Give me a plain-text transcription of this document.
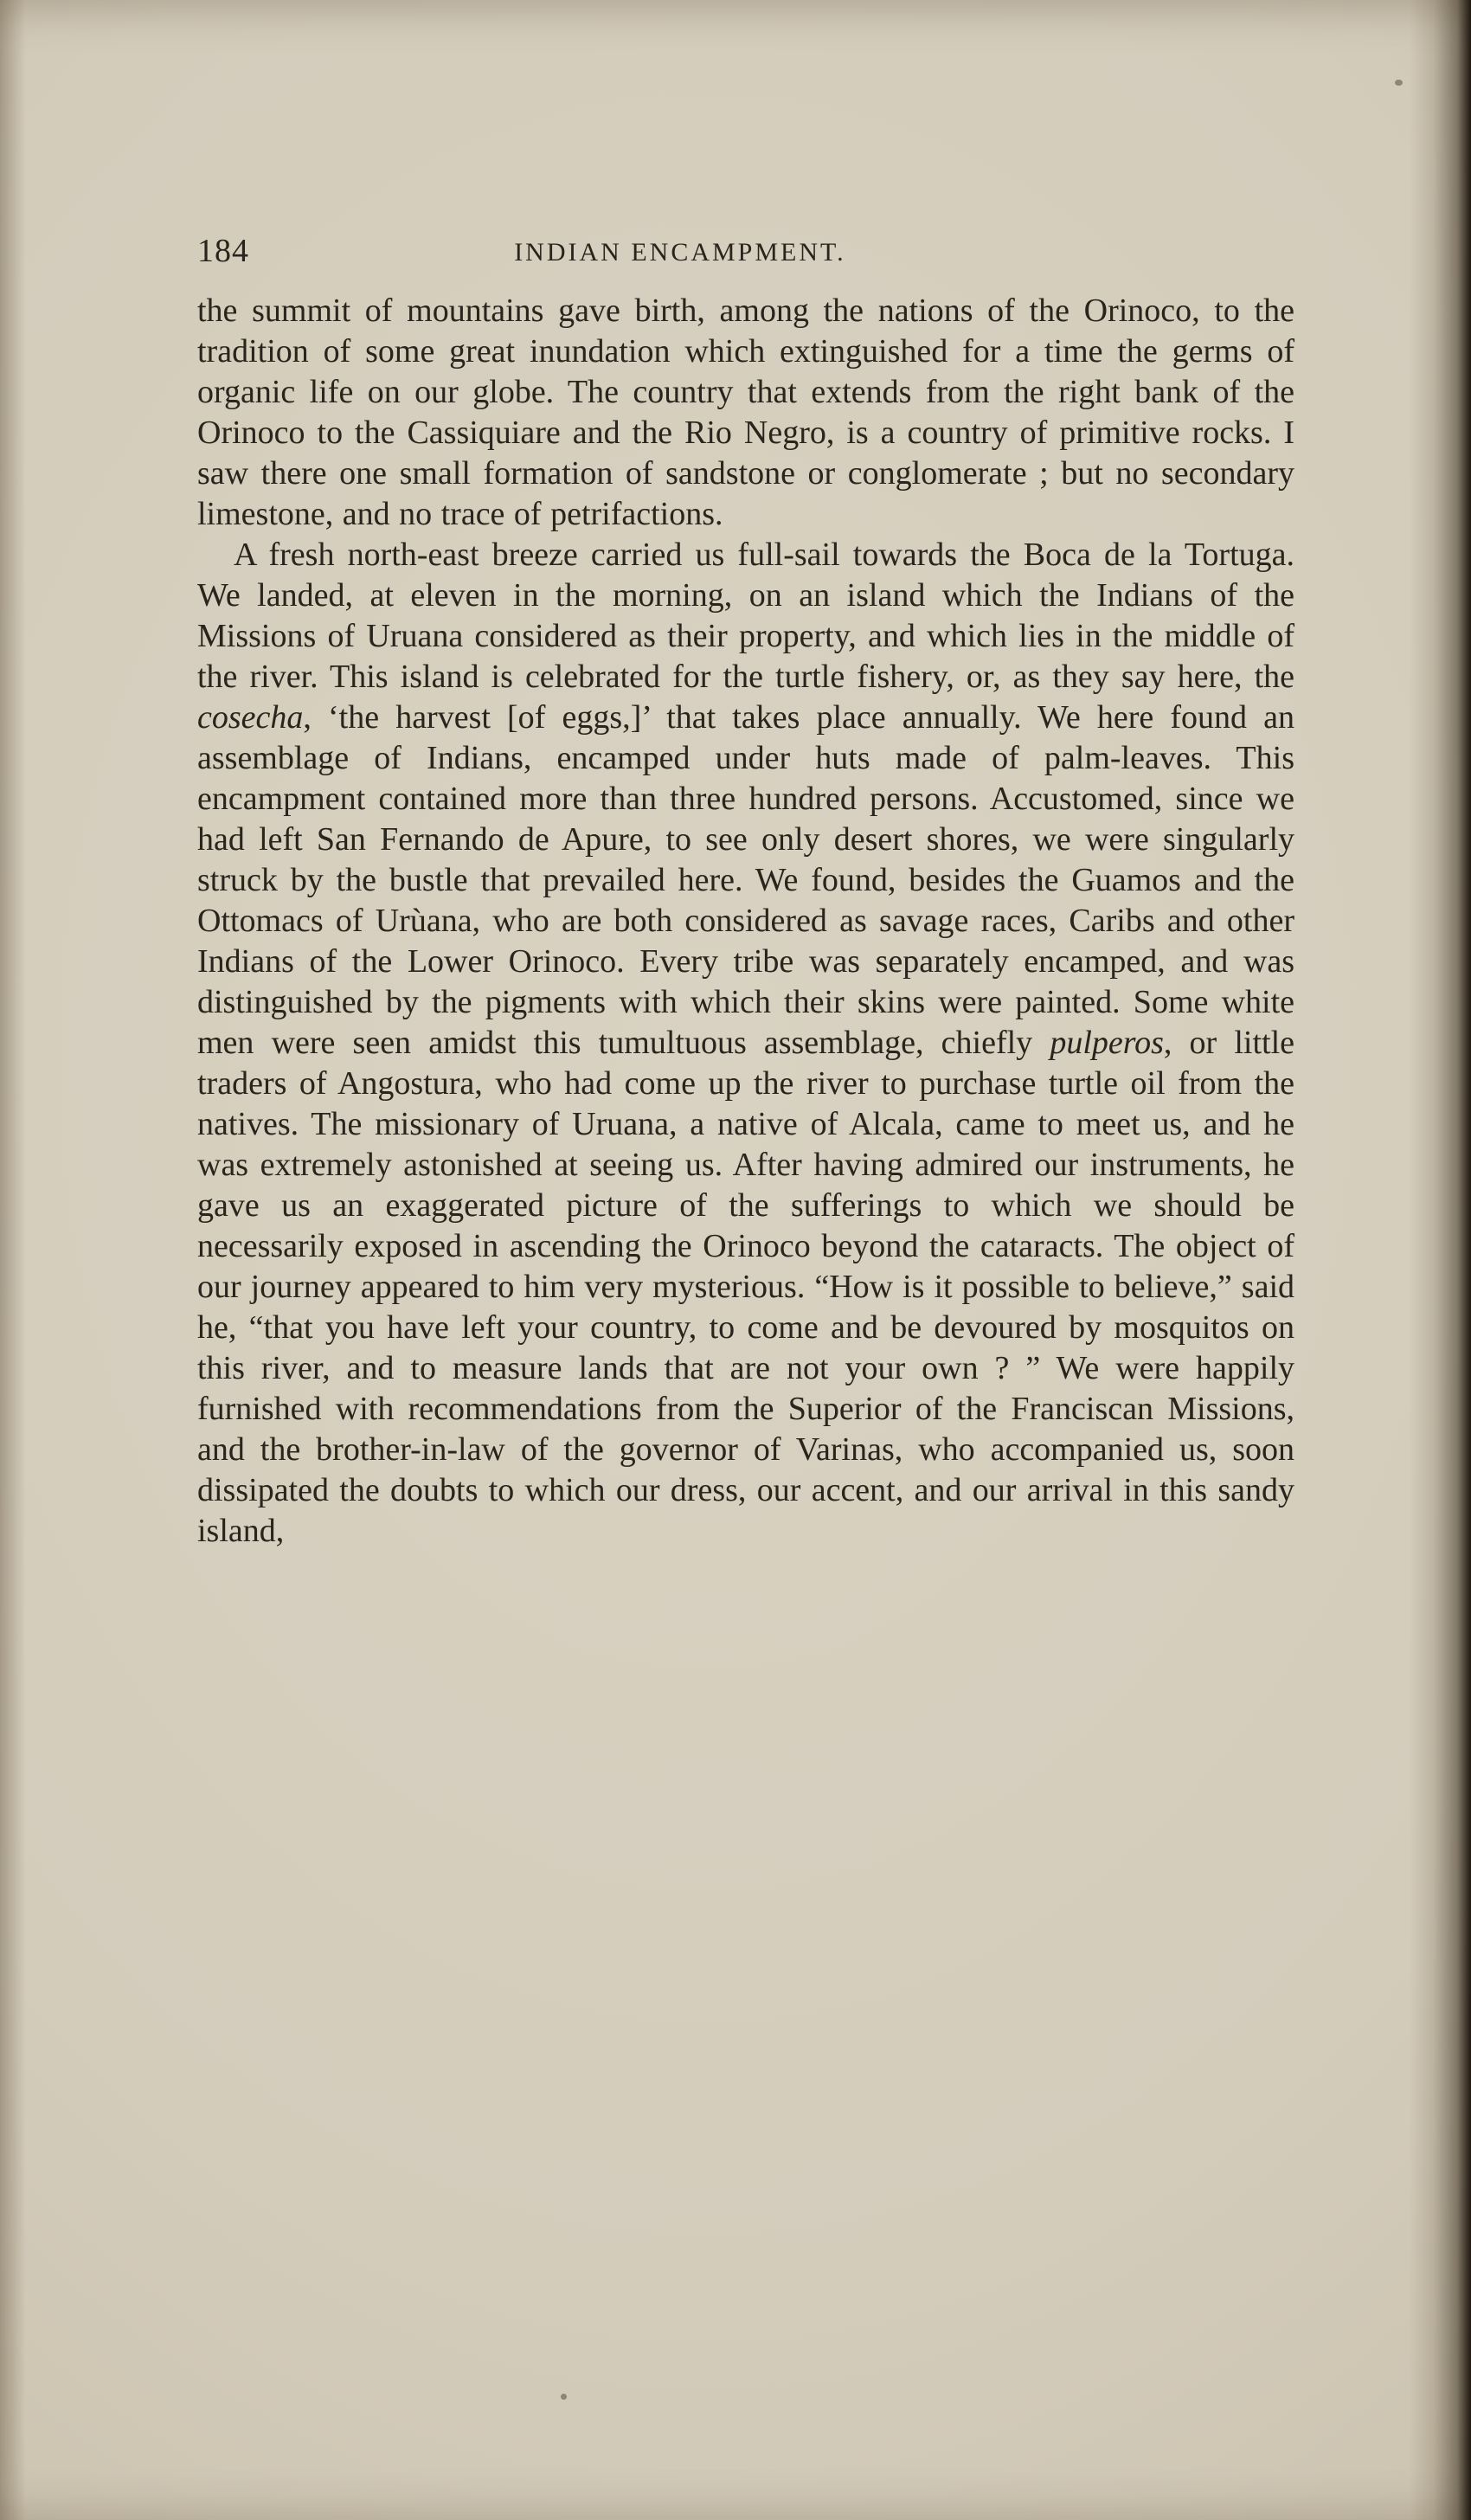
184	INDIAN ENCAMPMENT.

the summit of mountains gave birth, among the nations of the Orinoco, to the tradition of some great inundation which extinguished for a time the germs of organic life on our globe. The country that extends from the right bank of the Orinoco to the Cassiquiare and the Rio Negro, is a country of primitive rocks. I saw there one small formation of sandstone or conglomerate ; but no secondary limestone, and no trace of petrifactions.

A fresh north-east breeze carried us full-sail towards the Boca de la Tortuga. We landed, at eleven in the morning, on an island which the Indians of the Missions of Uruana considered as their property, and which lies in the middle of the river. This island is celebrated for the turtle fishery, or, as they say here, the cosecha, ‘the harvest [of eggs,]’ that takes place annually. We here found an assemblage of Indians, encamped under huts made of palm-leaves. This encampment contained more than three hundred persons. Accustomed, since we had left San Fernando de Apure, to see only desert shores, we were singularly struck by the bustle that prevailed here. We found, besides the Guamos and the Ottomacs of Urùana, who are both considered as savage races, Caribs and other Indians of the Lower Orinoco. Every tribe was separately encamped, and was distinguished by the pigments with which their skins were painted. Some white men were seen amidst this tumultuous assemblage, chiefly pulperos, or little traders of Angostura, who had come up the river to purchase turtle oil from the natives. The missionary of Uruana, a native of Alcala, came to meet us, and he was extremely astonished at seeing us. After having admired our instruments, he gave us an exaggerated picture of the sufferings to which we should be necessarily exposed in ascending the Orinoco beyond the cataracts. The object of our journey appeared to him very mysterious. “How is it possible to believe,” said he, “that you have left your country, to come and be devoured by mosquitos on this river, and to measure lands that are not your own ? ” We were happily furnished with recommendations from the Superior of the Franciscan Missions, and the brother-in-law of the governor of Varinas, who accompanied us, soon dissipated the doubts to which our dress, our accent, and our arrival in this sandy island,
